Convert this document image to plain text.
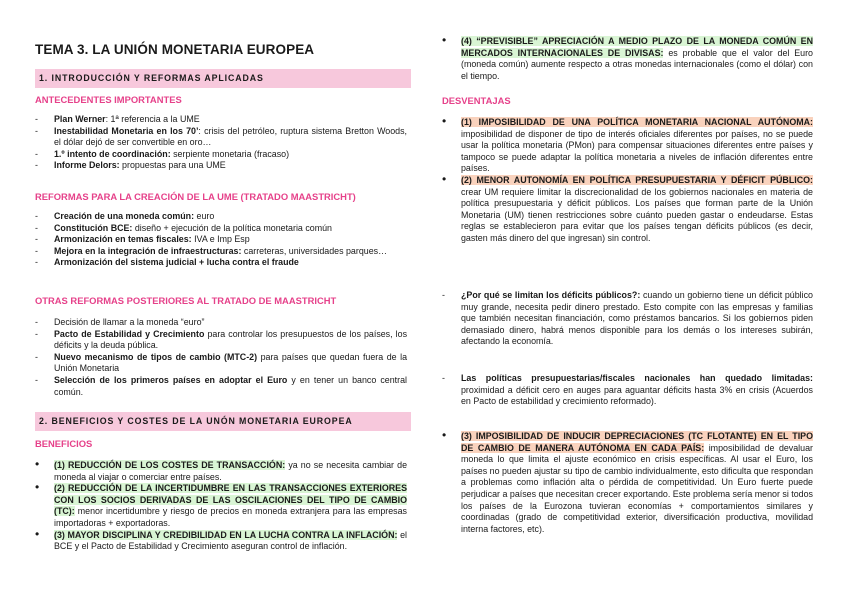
TEMA 3. LA UNIÓN MONETARIA EUROPEA
1. INTRODUCCIÓN Y REFORMAS APLICADAS
ANTECEDENTES IMPORTANTES
- Plan Werner: 1ª referencia a la UME
- Inestabilidad Monetaria en los 70’: crisis del petróleo, ruptura sistema Bretton Woods, el dólar dejó de ser convertible en oro…
- 1.º intento de coordinación: serpiente monetaria (fracaso)
- Informe Delors: propuestas para una UME
REFORMAS PARA LA CREACIÓN DE LA UME (TRATADO MAASTRICHT)
- Creación de una moneda común: euro
- Constitución BCE: diseño + ejecución de la política monetaria común
- Armonización en temas fiscales: IVA e Imp Esp
- Mejora en la integración de infraestructuras: carreteras, universidades parques…
- Armonización del sistema judicial + lucha contra el fraude
OTRAS REFORMAS POSTERIORES AL TRATADO DE MAASTRICHT
- Decisión de llamar a la moneda “euro”
- Pacto de Estabilidad y Crecimiento para controlar los presupuestos de los países, los déficits y la deuda pública.
- Nuevo mecanismo de tipos de cambio (MTC-2) para países que quedan fuera de la Unión Monetaria
- Selección de los primeros países en adoptar el Euro y en tener un banco central común.
2. BENEFICIOS Y COSTES DE LA UNÓN MONETARIA EUROPEA
BENEFICIOS
• (1) REDUCCIÓN DE LOS COSTES DE TRANSACCIÓN: ya no se necesita cambiar de moneda al viajar o comerciar entre países.
• (2) REDUCCIÓN DE LA INCERTIDUMBRE EN LAS TRANSACCIONES EXTERIORES CON LOS SOCIOS DERIVADAS DE LAS OSCILACIONES DEL TIPO DE CAMBIO (TC): menor incertidumbre y riesgo de precios en moneda extranjera para las empresas importadoras + exportadoras.
• (3) MAYOR DISCIPLINA Y CREDIBILIDAD EN LA LUCHA CONTRA LA INFLACIÓN: el BCE y el Pacto de Estabilidad y Crecimiento aseguran control de inflación.
• (4) “PREVISIBLE” APRECIACIÓN A MEDIO PLAZO DE LA MONEDA COMÚN EN MERCADOS INTERNACIONALES DE DIVISAS: es probable que el valor del Euro (moneda común) aumente respecto a otras monedas internacionales (como el dólar) con el tiempo.
DESVENTAJAS
• (1) IMPOSIBILIDAD DE UNA POLÍTICA MONETARIA NACIONAL AUTÓNOMA: imposibilidad de disponer de tipo de interés oficiales diferentes por países, no se puede usar la política monetaria (PMon) para compensar situaciones diferentes entre países y tampoco se puede adaptar la política monetaria a niveles de inflación diferentes entre países.
• (2) MENOR AUTONOMÍA EN POLÍTICA PRESUPUESTARIA Y DÉFICIT PÚBLICO: crear UM requiere limitar la discrecionalidad de los gobiernos nacionales en materia de política presupuestaria y déficit públicos. Los países que forman parte de la Unión Monetaria (UM) tienen restricciones sobre cuánto pueden gastar o endeudarse. Estas reglas se establecieron para evitar que los países tengan déficits públicos (es decir, gasten más dinero del que ingresan) sin control.
- ¿Por qué se limitan los déficits públicos?: cuando un gobierno tiene un déficit público muy grande, necesita pedir dinero prestado. Esto compite con las empresas y familias que también necesitan financiación, como préstamos bancarios. Si los gobiernos piden demasiado dinero, habrá menos disponible para los demás o los intereses subirán, afectando la economía.
- Las políticas presupuestarias/fiscales nacionales han quedado limitadas: proximidad a déficit cero en auges para aguantar déficits hasta 3% en crisis (Acuerdos en Pacto de estabilidad y crecimiento reformado).
• (3) IMPOSIBILIDAD DE INDUCIR DEPRECIACIONES (TC FLOTANTE) EN EL TIPO DE CAMBIO DE MANERA AUTÓNOMA EN CADA PAÍS: imposibilidad de devaluar moneda lo que limita el ajuste económico en crisis específicas. Al usar el Euro, los países no pueden ajustar su tipo de cambio individualmente, esto dificulta que respondan a problemas como inflación alta o pérdida de competitividad. Un Euro fuerte puede perjudicar a países que necesitan crecer exportando. Este problema sería menor si todos los países de la Eurozona tuvieran economías + comportamientos similares y coordinadas (grado de competitividad exterior, diversificación productiva, movilidad interna factores, etc).
